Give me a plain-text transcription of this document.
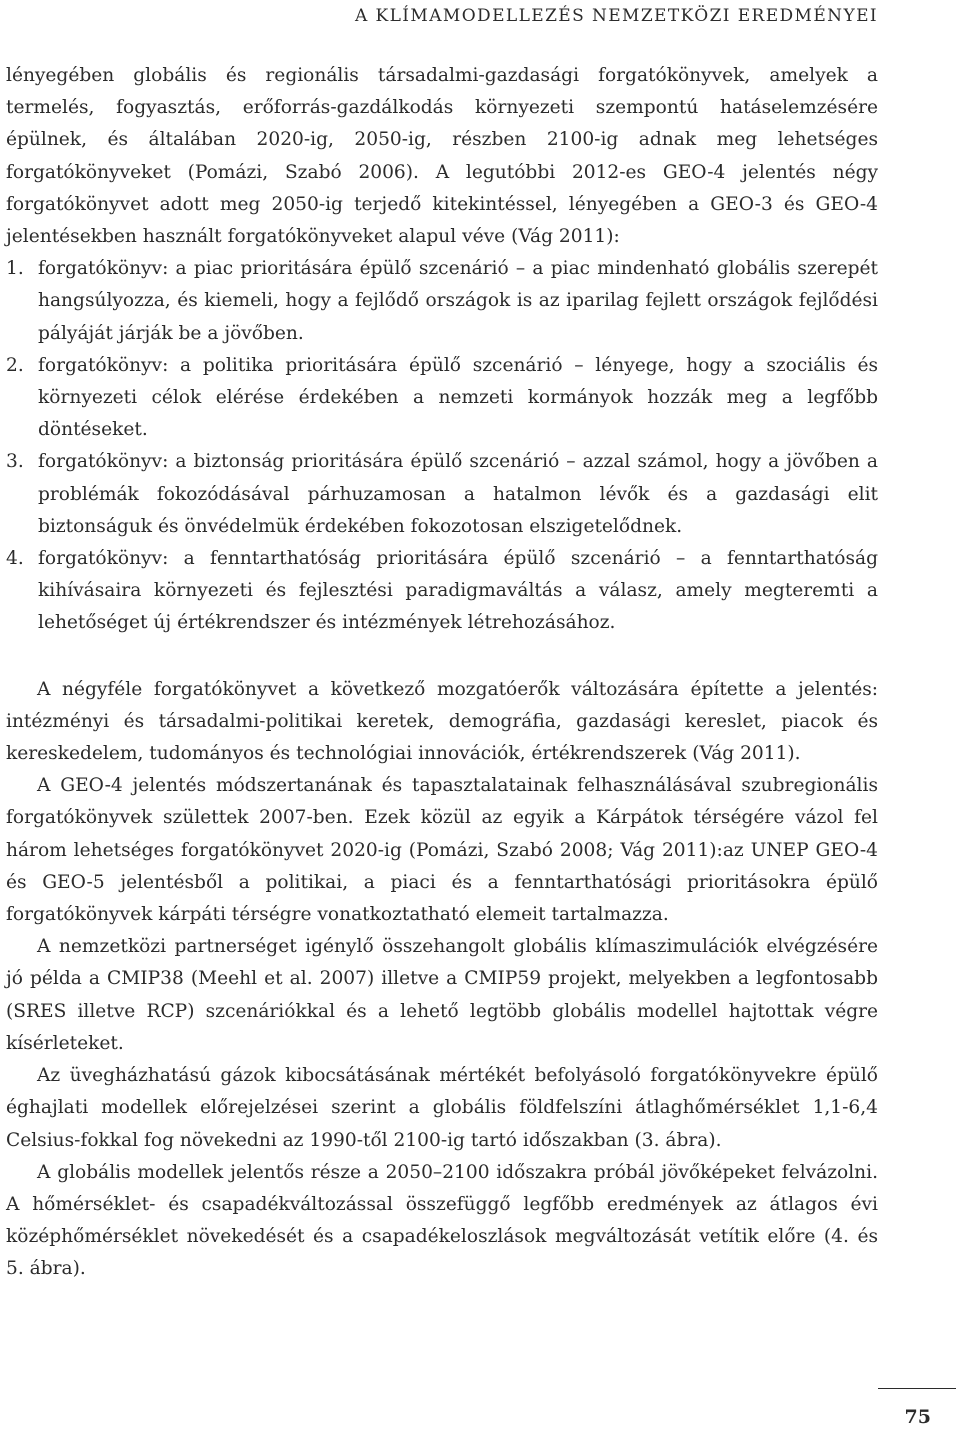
A KLÍMAMODELLEZÉS NEMZETKÖZI EREDMÉNYEI

lényegében globális és regionális társadalmi-gazdasági forgatókönyvek, amelyek a termelés, fogyasztás, erőforrás-gazdálkodás környezeti szempontú hatáselemzésére épülnek, és általában 2020-ig, 2050-ig, részben 2100-ig adnak meg lehetséges forgatókönyveket (Pomázi, Szabó 2006). A legutóbbi 2012-es GEO-4 jelentés négy forgatókönyvet adott meg 2050-ig terjedő kitekintéssel, lényegében a GEO-3 és GEO-4 jelentésekben használt forgatókönyveket alapul véve (Vág 2011):

1. forgatókönyv: a piac prioritására épülő szcenárió – a piac mindenható globális szerepét hangsúlyozza, és kiemeli, hogy a fejlődő országok is az iparilag fejlett országok fejlődési pályáját járják be a jövőben.
2. forgatókönyv: a politika prioritására épülő szcenárió – lényege, hogy a szociális és környezeti célok elérése érdekében a nemzeti kormányok hozzák meg a legfőbb döntéseket.
3. forgatókönyv: a biztonság prioritására épülő szcenárió – azzal számol, hogy a jövőben a problémák fokozódásával párhuzamosan a hatalmon lévők és a gazdasági elit biztonságuk és önvédelmük érdekében fokozotosan elszigetelődnek.
4. forgatókönyv: a fenntarthatóság prioritására épülő szcenárió – a fenntarthatóság kihívásaira környezeti és fejlesztési paradigmaváltás a válasz, amely megteremti a lehetőséget új értékrendszer és intézmények létrehozásához.

A négyféle forgatókönyvet a következő mozgatóerők változására építette a jelentés: intézményi és társadalmi-politikai keretek, demográfia, gazdasági kereslet, piacok és kereskedelem, tudományos és technológiai innovációk, értékrendszerek (Vág 2011).

A GEO-4 jelentés módszertanának és tapasztalatainak felhasználásával szubregionális forgatókönyvek születtek 2007-ben. Ezek közül az egyik a Kárpátok térségére vázol fel három lehetséges forgatókönyvet 2020-ig (Pomázi, Szabó 2008; Vág 2011):az UNEP GEO-4 és GEO-5 jelentésből a politikai, a piaci és a fenntarthatósági prioritásokra épülő forgatókönyvek kárpáti térségre vonatkoztatható elemeit tartalmazza.

A nemzetközi partnerséget igénylő összehangolt globális klímaszimulációk elvégzésére jó példa a CMIP38 (Meehl et al. 2007) illetve a CMIP59 projekt, melyekben a legfontosabb (SRES illetve RCP) szcenáriókkal és a lehető legtöbb globális modellel hajtottak végre kísérleteket.

Az üvegházhatású gázok kibocsátásának mértékét befolyásoló forgatókönyvekre épülő éghajlati modellek előrejelzései szerint a globális földfelszíni átlaghőmérséklet 1,1-6,4 Celsius-fokkal fog növekedni az 1990-től 2100-ig tartó időszakban (3. ábra).

A globális modellek jelentős része a 2050–2100 időszakra próbál jövőképeket felvázolni. A hőmérséklet- és csapadékváltozással összefüggő legfőbb eredmények az átlagos évi középhőmérséklet növekedését és a csapadékeloszlások megváltozását vetítik előre (4. és 5. ábra).

75
